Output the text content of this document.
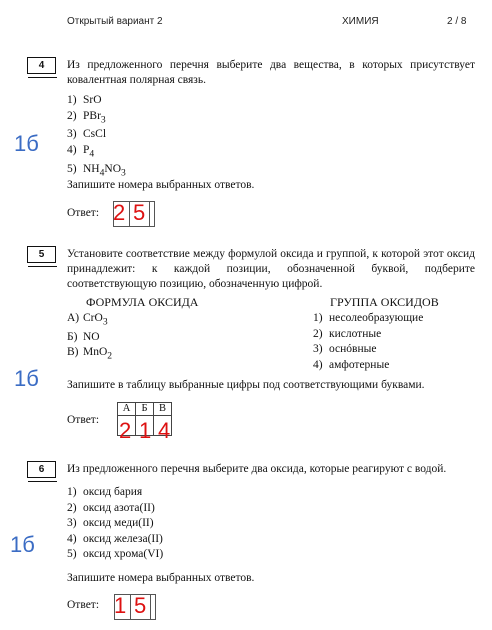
Открытый вариант 2	ХИМИЯ	2 / 8
4	Из предложенного перечня выберите два вещества, в которых присутствует ковалентная полярная связь.
1) SrO
2) PBr$_3$
3) CsCl
4) $P_4$
5) $NH_4NO_3$
Запишите номера выбранных ответов.
Ответ: 2 5
1б
5	Установите соответствие между формулой оксида и группой, к которой этот оксид принадлежит: к каждой позиции, обозначенной буквой, подберите соответствующую позицию, обозначенную цифрой.
ФОРМУЛА ОКСИДА	ГРУППА ОКСИДОВ
А) CrO$_3$
Б) NO
В) MnO$_2$
1) несолеобразующие
2) кислотные
3) оснóвные
4) амфотерные
Запишите в таблицу выбранные цифры под соответствующими буквами.
Ответ:
А	Б	В

2 1 4
1б
6	Из предложенного перечня выберите два оксида, которые реагируют с водой.
1) оксид бария
2) оксид азота(II)
3) оксид меди(II)
4) оксид железа(II)
5) оксид хрома(VI)
Запишите номера выбранных ответов.
Ответ: 1 5
1б
